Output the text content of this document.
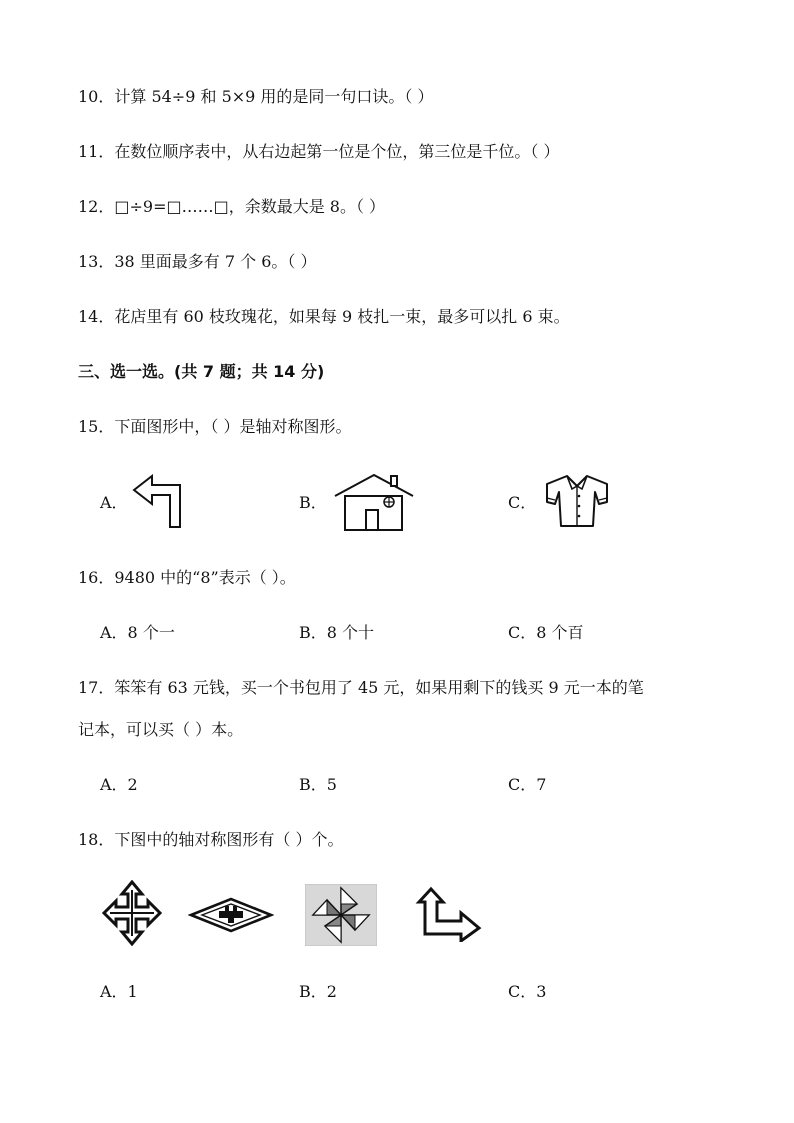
10．计算 54÷9 和 5×9 用的是同一句口诀。（ ）
11．在数位顺序表中，从右边起第一位是个位，第三位是千位。（ ）
12．□÷9=□……□，余数最大是 8。（ ）
13．38 里面最多有 7 个 6。（ ）
14．花店里有 60 枝玫瑰花，如果每 9 枝扎一束，最多可以扎 6 束。
三、选一选。(共 7 题；共 14 分)
15．下面图形中，（ ）是轴对称图形。
A．	B．	C．
16．9480 中的“8”表示（ ）。
A．8 个一	B．8 个十	C．8 个百
17．笨笨有 63 元钱，买一个书包用了 45 元，如果用剩下的钱买 9 元一本的笔
记本，可以买（ ）本。
A．2	B．5	C．7
18．下图中的轴对称图形有（ ）个。
A．1	B．2	C．3
